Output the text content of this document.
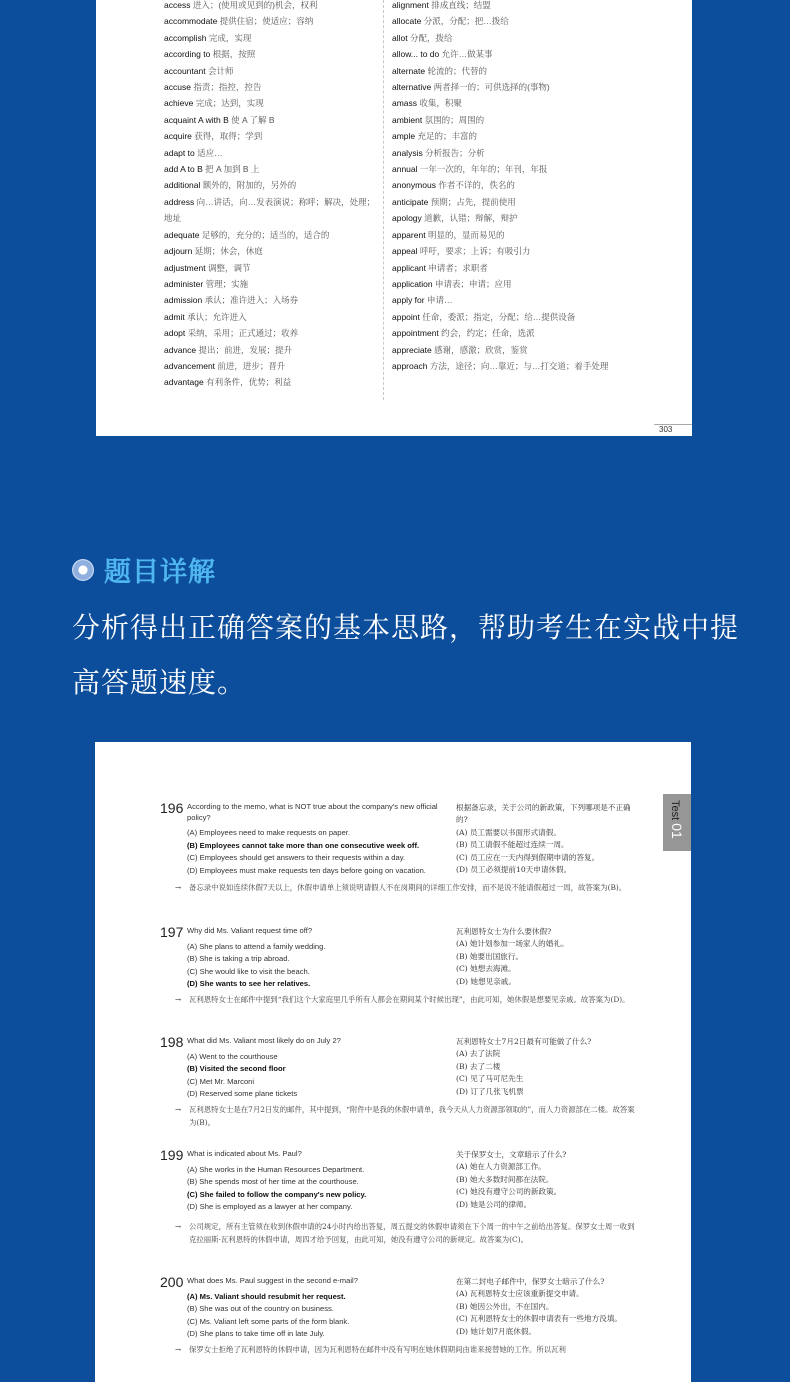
access 进入；(使用或见到的)机会，权利
accommodate 提供住宿；使适应；容纳
accomplish 完成，实现
according to 根据，按照
accountant 会计师
accuse 指责；指控，控告
achieve 完成；达到，实现
acquaint A with B 使 A 了解 B
acquire 获得，取得；学到
adapt to 适应…
add A to B 把 A 加到 B 上
additional 额外的，附加的，另外的
address 向…讲话，向…发表演说；称呼；解决，处理；地址
adequate 足够的，充分的；适当的，适合的
adjourn 延期；休会，休庭
adjustment 调整，调节
administer 管理；实施
admission 承认；准许进入；入场券
admit 承认；允许进入
adopt 采纳，采用；正式通过；收养
advance 提出；前进，发展；提升
advancement 前进，进步；晋升
advantage 有利条件，优势；利益
alignment 排成直线；结盟
allocate 分派，分配；把…拨给
allot 分配，拨给
allow... to do 允许…做某事
alternate 轮流的；代替的
alternative 两者择一的；可供选择的(事物)
amass 收集，积聚
ambient 氛围的；周围的
ample 充足的；丰富的
analysis 分析报告；分析
annual 一年一次的，年年的；年刊，年报
anonymous 作者不详的，佚名的
anticipate 预期；占先，提前使用
apology 道歉，认错；辩解，辩护
apparent 明显的，显而易见的
appeal 呼吁，要求；上诉；有吸引力
applicant 申请者；求职者
application 申请表；申请；应用
apply for 申请…
appoint 任命，委派；指定，分配；给…提供设备
appointment 约会，约定；任命，选派
appreciate 感谢，感激；欣赏，鉴赏
approach 方法，途径；向…靠近；与…打交道；着手处理
303
题目详解
分析得出正确答案的基本思路，帮助考生在实战中提高答题速度。
Test01
196 According to the memo, what is NOT true about the company's new official policy?
(A) Employees need to make requests on paper.
(B) Employees cannot take more than one consecutive week off.
(C) Employees should get answers to their requests within a day.
(D) Employees must make requests ten days before going on vacation.
根据备忘录，关于公司的新政策，下列哪项是不正确的?
(A) 员工需要以书面形式请假。
(B) 员工请假不能超过连续一周。
(C) 员工应在一天内得到假期申请的答复。
(D) 员工必须提前10天申请休假。
→	备忘录中说如连续休假7天以上，休假申请单上须说明请假人不在岗期间的详细工作安排，而不是说不能请假超过一周，故答案为(B)。
197 Why did Ms. Valiant request time off?
(A) She plans to attend a family wedding.
(B) She is taking a trip abroad.
(C) She would like to visit the beach.
(D) She wants to see her relatives.
瓦利恩特女士为什么要休假?
(A) 她计划参加一场家人的婚礼。
(B) 她要出国旅行。
(C) 她想去海滩。
(D) 她想见亲戚。
→	瓦利恩特女士在邮件中提到“我们这个大家庭里几乎所有人都会在期间某个时候出现”，由此可知，她休假是想要见亲戚。故答案为(D)。
198 What did Ms. Valiant most likely do on July 2?
(A) Went to the courthouse
(B) Visited the second floor
(C) Met Mr. Marconi
(D) Reserved some plane tickets
瓦利恩特女士7月2日最有可能做了什么?
(A) 去了法院
(B) 去了二楼
(C) 见了马可尼先生
(D) 订了几张飞机票
→	瓦利恩特女士是在7月2日发的邮件，其中提到，“附件中是我的休假申请单，我今天从人力资源部领取的”，而人力资源部在二楼。故答案为(B)。
199 What is indicated about Ms. Paul?
(A) She works in the Human Resources Department.
(B) She spends most of her time at the courthouse.
(C) She failed to follow the company's new policy.
(D) She is employed as a lawyer at her company.
关于保罗女士，文章暗示了什么?
(A) 她在人力资源部工作。
(B) 她大多数时间都在法院。
(C) 她没有遵守公司的新政策。
(D) 她是公司的律师。
→	公司规定，所有主管须在收到休假申请的24小时内给出答复，周五提交的休假申请须在下个周一的中午之前给出答复。保罗女士周一收到克拉丽斯·瓦利恩特的休假申请，周四才给予回复，由此可知，她没有遵守公司的新规定。故答案为(C)。
200 What does Ms. Paul suggest in the second e-mail?
(A) Ms. Valiant should resubmit her request.
(B) She was out of the country on business.
(C) Ms. Valiant left some parts of the form blank.
(D) She plans to take time off in late July.
在第二封电子邮件中，保罗女士暗示了什么?
(A) 瓦利恩特女士应该重新提交申请。
(B) 她因公外出，不在国内。
(C) 瓦利恩特女士的休假申请表有一些地方没填。
(D) 她计划7月底休假。
→	保罗女士拒绝了瓦利恩特的休假申请，因为瓦利恩特在邮件中没有写明在她休假期间由谁来接替她的工作。所以瓦利
